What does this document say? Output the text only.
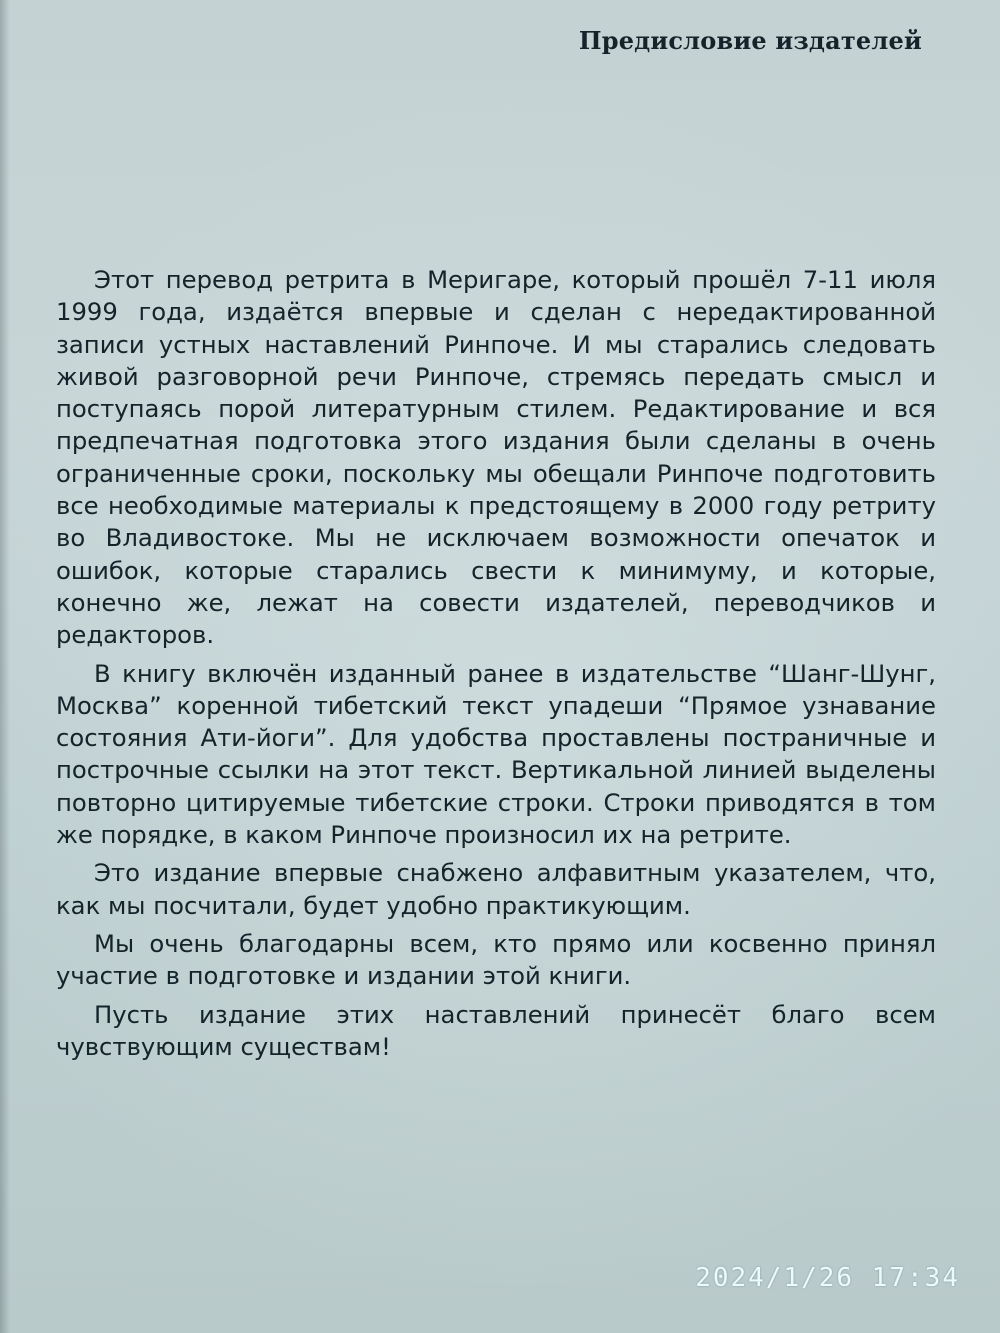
Предисловие издателей

Этот перевод ретрита в Меригаре, который прошёл 7-11 июля 1999 года, издаётся впервые и сделан с нередактированной записи устных наставлений Ринпоче. И мы старались следовать живой разговорной речи Ринпоче, стремясь передать смысл и поступаясь порой литературным стилем. Редактирование и вся предпечатная подготовка этого издания были сделаны в очень ограниченные сроки, поскольку мы обещали Ринпоче подготовить все необходимые материалы к предстоящему в 2000 году ретриту во Владивостоке. Мы не исключаем возможности опечаток и ошибок, которые старались свести к минимуму, и которые, конечно же, лежат на совести издателей, переводчиков и редакторов.

В книгу включён изданный ранее в издательстве “Шанг-Шунг, Москва” коренной тибетский текст упадеши “Прямое узнавание состояния Ати-йоги”. Для удобства проставлены постраничные и построчные ссылки на этот текст. Вертикальной линией выделены повторно цитируемые тибетские строки. Строки приводятся в том же порядке, в каком Ринпоче произносил их на ретрите.

Это издание впервые снабжено алфавитным указателем, что, как мы посчитали, будет удобно практикующим.

Мы очень благодарны всем, кто прямо или косвенно принял участие в подготовке и издании этой книги.

Пусть издание этих наставлений принесёт благо всем чувствующим существам!

2024/1/26 17:34
